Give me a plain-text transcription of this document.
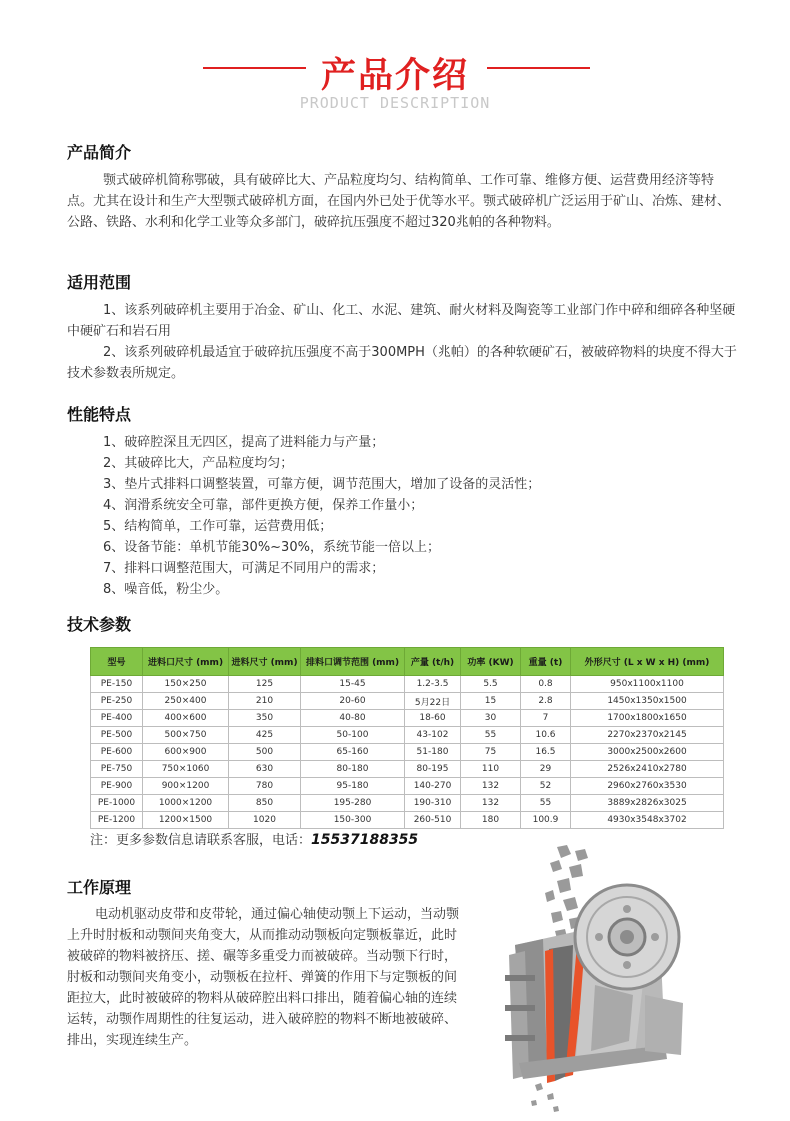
产品介绍
PRODUCT DESCRIPTION
产品简介

颚式破碎机简称鄂破，具有破碎比大、产品粒度均匀、结构简单、工作可靠、维修方便、运营费用经济等特点。尤其在设计和生产大型颚式破碎机方面，在国内外已处于优等水平。颚式破碎机广泛运用于矿山、冶炼、建材、公路、铁路、水利和化学工业等众多部门，破碎抗压强度不超过320兆帕的各种物料。

适用范围

1、该系列破碎机主要用于冶金、矿山、化工、水泥、建筑、耐火材料及陶瓷等工业部门作中碎和细碎各种坚硬中硬矿石和岩石用

2、该系列破碎机最适宜于破碎抗压强度不高于300MPH（兆帕）的各种软硬矿石，被破碎物料的块度不得大于技术参数表所规定。

性能特点
1、破碎腔深且无四区，提高了进料能力与产量；
2、其破碎比大，产品粒度均匀；
3、垫片式排料口调整装置，可靠方便，调节范围大，增加了设备的灵活性；
4、润滑系统安全可靠，部件更换方便，保养工作量小；
5、结构简单，工作可靠，运营费用低；
6、设备节能：单机节能30%~30%，系统节能一倍以上；
7、排料口调整范围大，可满足不同用户的需求；
8、噪音低，粉尘少。
技术参数
型号	进料口尺寸 (mm)	进料尺寸 (mm)	排料口调节范围 (mm)	产量 (t/h)	功率 (KW)	重量 (t)	外形尺寸 (L x W x H) (mm)
PE-150	150×250	125	15-45	1.2-3.5	5.5	0.8	950x1100x1100
PE-250	250×400	210	20-60	5月22日	15	2.8	1450x1350x1500
PE-400	400×600	350	40-80	18-60	30	7	1700x1800x1650
PE-500	500×750	425	50-100	43-102	55	10.6	2270x2370x2145
PE-600	600×900	500	65-160	51-180	75	16.5	3000x2500x2600
PE-750	750×1060	630	80-180	80-195	110	29	2526x2410x2780
PE-900	900×1200	780	95-180	140-270	132	52	2960x2760x3530
PE-1000	1000×1200	850	195-280	190-310	132	55	3889x2826x3025
PE-1200	1200×1500	1020	150-300	260-510	180	100.9	4930x3548x3702
注：更多参数信息请联系客服，电话：15537188355
工作原理
电动机驱动皮带和皮带轮，通过偏心轴使动颚上下运动，当动颚上升时肘板和动颚间夹角变大，从而推动动颚板向定颚板靠近，此时被破碎的物料被挤压、搓、碾等多重受力而被破碎。当动颚下行时，肘板和动颚间夹角变小，动颚板在拉杆、弹簧的作用下与定颚板的间距拉大，此时被破碎的物料从破碎腔出料口排出，随着偏心轴的连续运转，动颚作周期性的往复运动，进入破碎腔的物料不断地被破碎、排出，实现连续生产。
